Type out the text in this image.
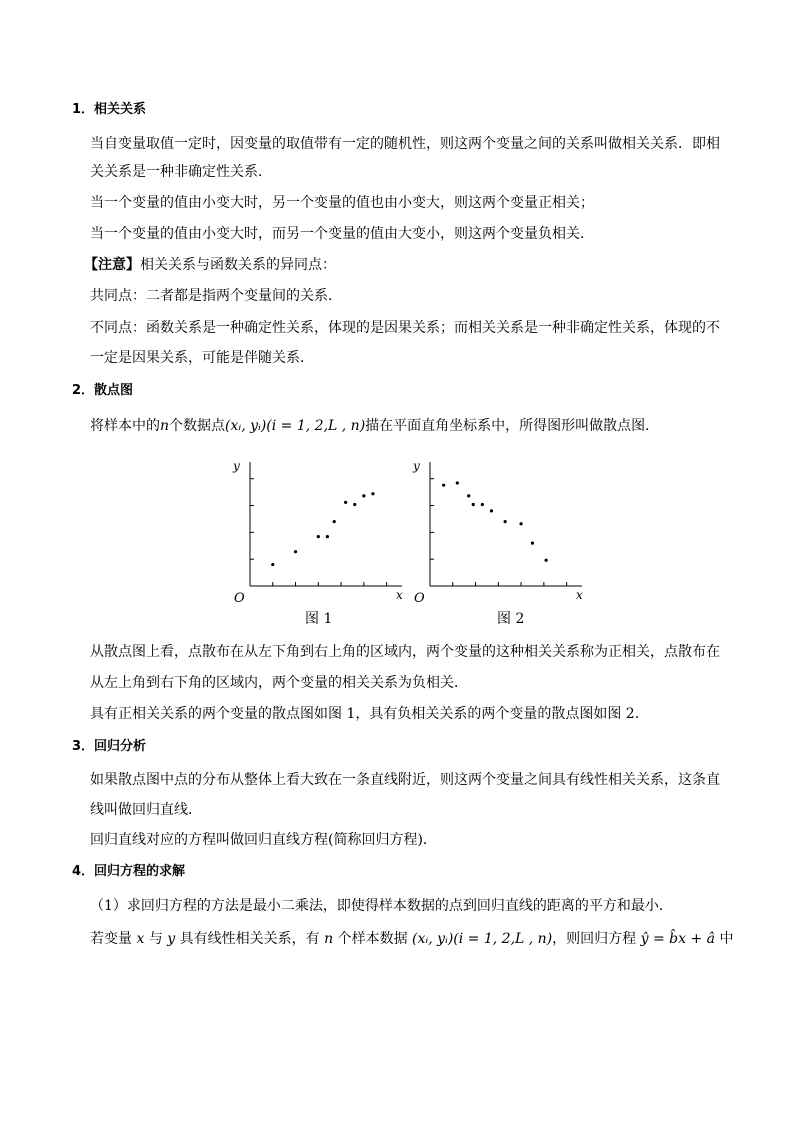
1．相关关系
当自变量取值一定时，因变量的取值带有一定的随机性，则这两个变量之间的关系叫做相关关系．即相
关关系是一种非确定性关系．
当一个变量的值由小变大时，另一个变量的值也由小变大，则这两个变量正相关；
当一个变量的值由小变大时，而另一个变量的值由大变小，则这两个变量负相关.
【注意】相关关系与函数关系的异同点：
共同点：二者都是指两个变量间的关系．
不同点：函数关系是一种确定性关系，体现的是因果关系；而相关关系是一种非确定性关系，体现的不
一定是因果关系，可能是伴随关系．
2．散点图
将样本中的n个数据点(xᵢ, yᵢ)(i = 1, 2,L , n)描在平面直角坐标系中，所得图形叫做散点图．
O	x
y
图 1
O	x
y
图 2
从散点图上看，点散布在从左下角到右上角的区域内，两个变量的这种相关关系称为正相关，点散布在
从左上角到右下角的区域内，两个变量的相关关系为负相关．
具有正相关关系的两个变量的散点图如图 1，具有负相关关系的两个变量的散点图如图 2.
3．回归分析
如果散点图中点的分布从整体上看大致在一条直线附近，则这两个变量之间具有线性相关关系，这条直
线叫做回归直线．
回归直线对应的方程叫做回归直线方程(简称回归方程)．
4．回归方程的求解
（1）求回归方程的方法是最小二乘法，即使得样本数据的点到回归直线的距离的平方和最小．
若变量 x 与 y 具有线性相关关系，有 n 个样本数据 (xᵢ, yᵢ)(i = 1, 2,L , n)，则回归方程 ŷ = b̂x + â 中
